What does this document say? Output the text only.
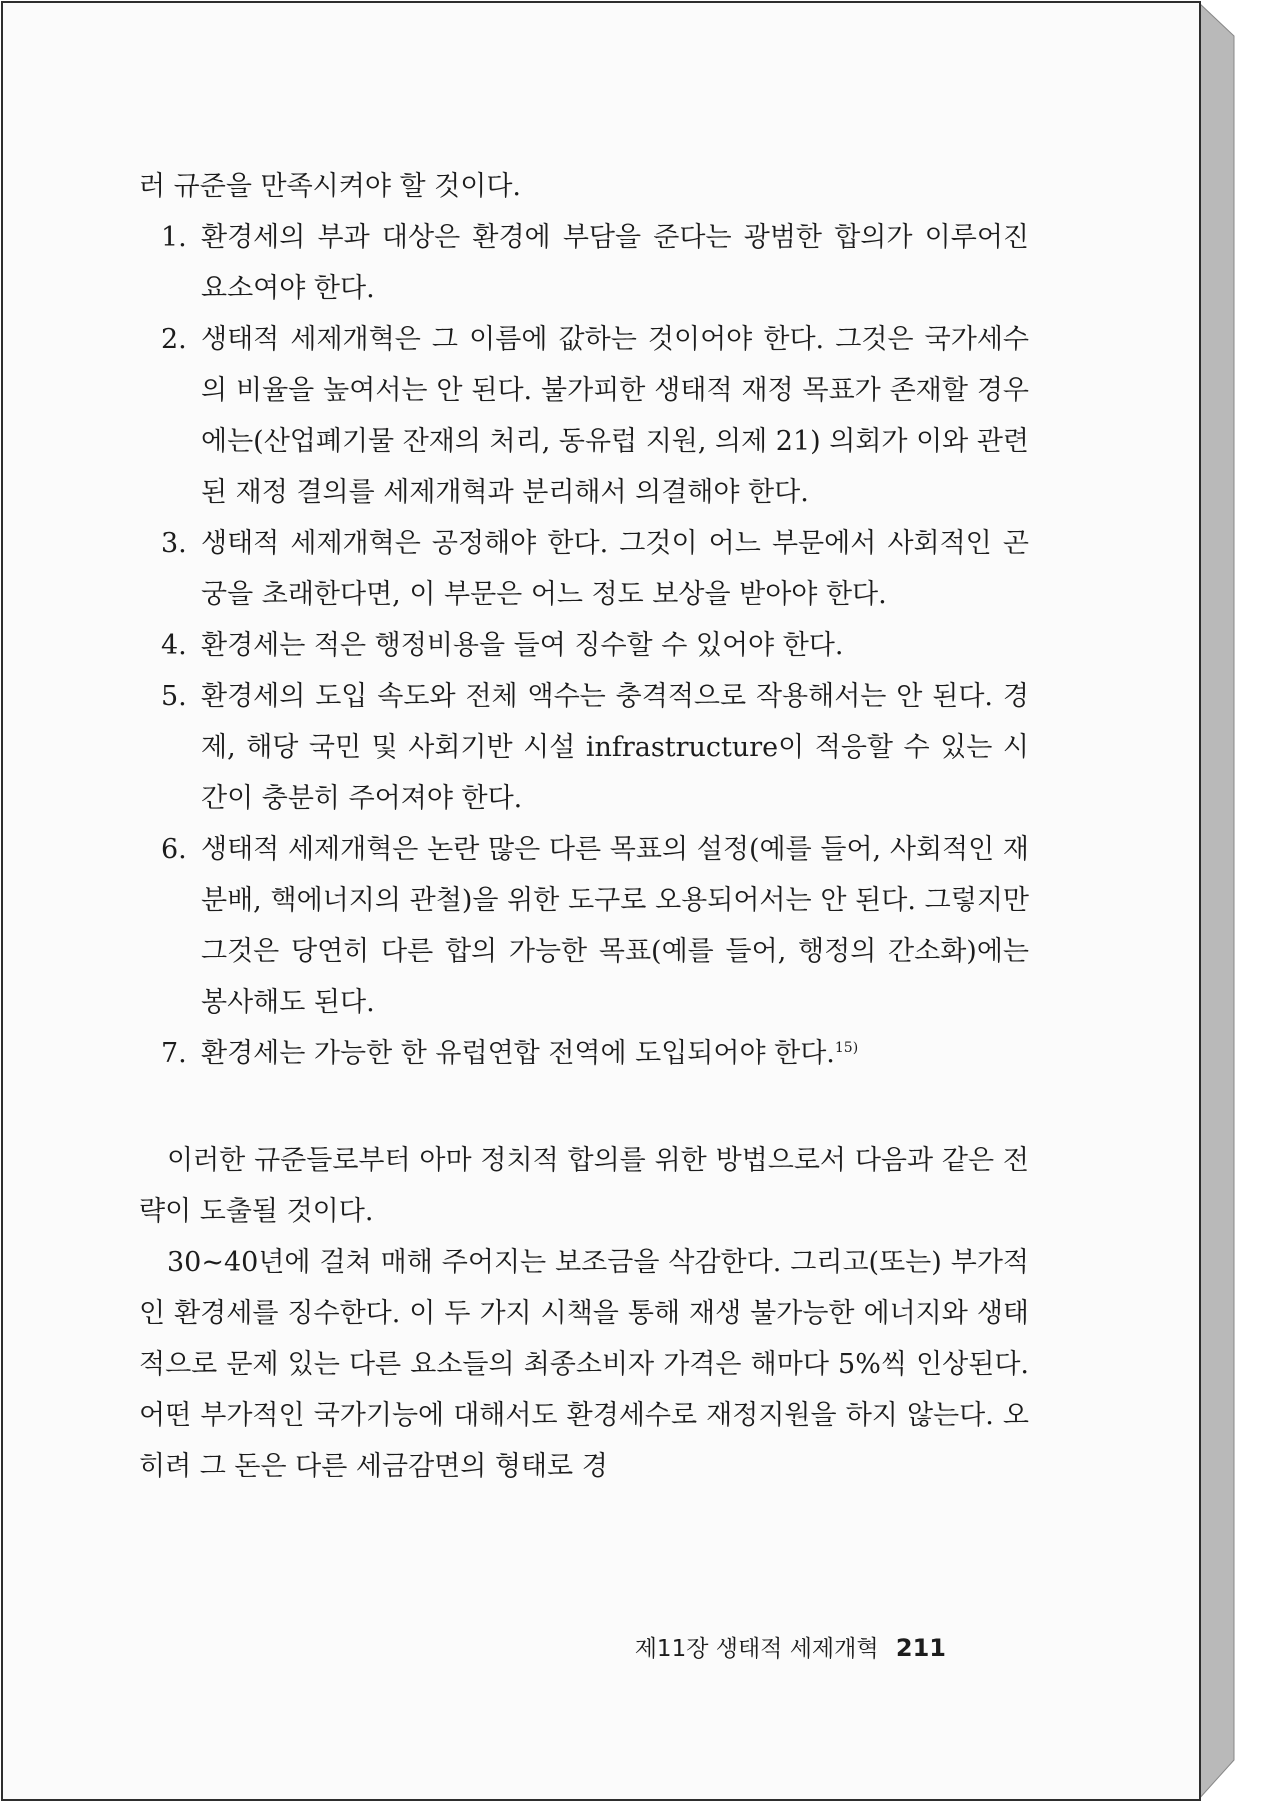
러 규준을 만족시켜야 할 것이다.

1. 환경세의 부과 대상은 환경에 부담을 준다는 광범한 합의가 이루어진 요소여야 한다.
2. 생태적 세제개혁은 그 이름에 값하는 것이어야 한다. 그것은 국가세수의 비율을 높여서는 안 된다. 불가피한 생태적 재정 목표가 존재할 경우에는(산업폐기물 잔재의 처리, 동유럽 지원, 의제 21) 의회가 이와 관련된 재정 결의를 세제개혁과 분리해서 의결해야 한다.
3. 생태적 세제개혁은 공정해야 한다. 그것이 어느 부문에서 사회적인 곤궁을 초래한다면, 이 부문은 어느 정도 보상을 받아야 한다.
4. 환경세는 적은 행정비용을 들여 징수할 수 있어야 한다.
5. 환경세의 도입 속도와 전체 액수는 충격적으로 작용해서는 안 된다. 경제, 해당 국민 및 사회기반 시설 infrastructure이 적응할 수 있는 시간이 충분히 주어져야 한다.
6. 생태적 세제개혁은 논란 많은 다른 목표의 설정(예를 들어, 사회적인 재분배, 핵에너지의 관철)을 위한 도구로 오용되어서는 안 된다. 그렇지만 그것은 당연히 다른 합의 가능한 목표(예를 들어, 행정의 간소화)에는 봉사해도 된다.
7. 환경세는 가능한 한 유럽연합 전역에 도입되어야 한다.$^{15)}$

이러한 규준들로부터 아마 정치적 합의를 위한 방법으로서 다음과 같은 전략이 도출될 것이다.

30~40년에 걸쳐 매해 주어지는 보조금을 삭감한다. 그리고(또는) 부가적인 환경세를 징수한다. 이 두 가지 시책을 통해 재생 불가능한 에너지와 생태적으로 문제 있는 다른 요소들의 최종소비자 가격은 해마다 5%씩 인상된다. 어떤 부가적인 국가기능에 대해서도 환경세수로 재정지원을 하지 않는다. 오히려 그 돈은 다른 세금감면의 형태로 경

제11장 생태적 세제개혁 211
